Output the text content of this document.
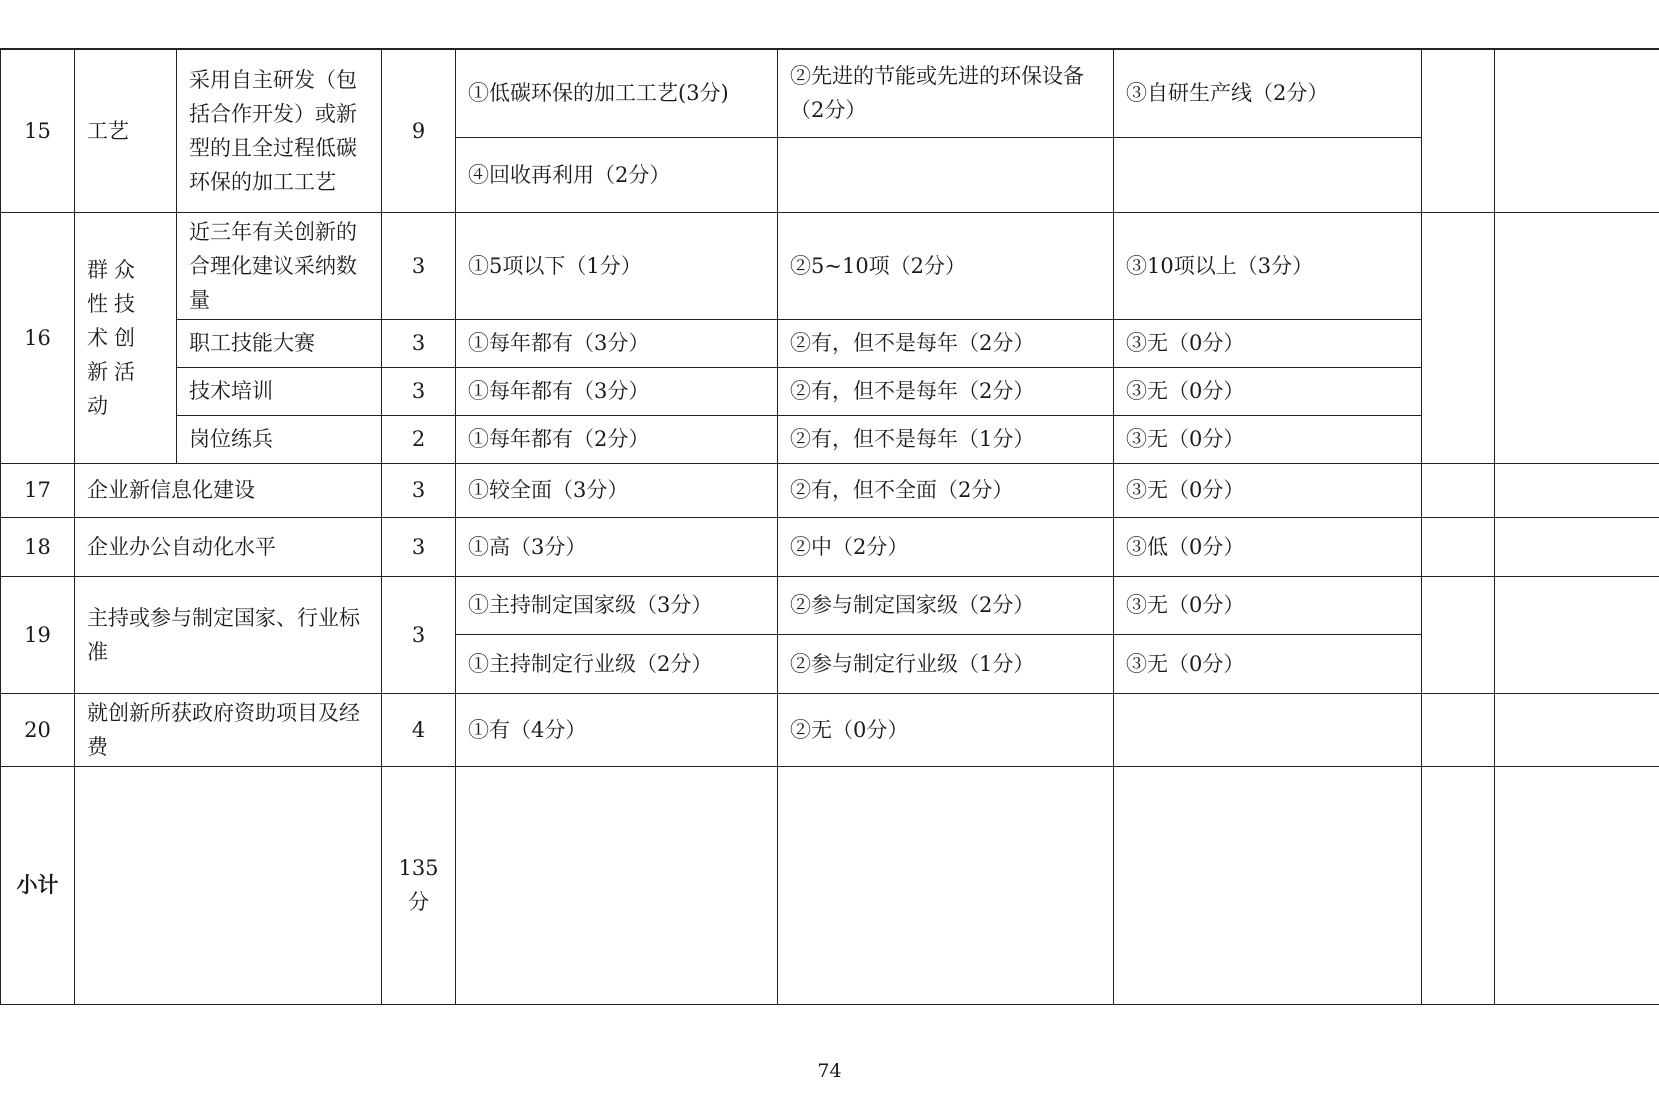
15	工艺	采用自主研发（包括合作开发）或新型的且全过程低碳环保的加工工艺	9	①低碳环保的加工工艺(3分)	②先进的节能或先进的环保设备（2分）	③自研生产线（2分）		
				④回收再利用（2分）				
16	群众性技术创新活动	近三年有关创新的合理化建议采纳数量	3	①5项以下（1分）	②5~10项（2分）	③10项以上（3分）		
		职工技能大赛	3	①每年都有（3分）	②有，但不是每年（2分）	③无（0分）		
		技术培训	3	①每年都有（3分）	②有，但不是每年（2分）	③无（0分）		
		岗位练兵	2	①每年都有（2分）	②有，但不是每年（1分）	③无（0分）		
17	企业新信息化建设		3	①较全面（3分）	②有，但不全面（2分）	③无（0分）		
18	企业办公自动化水平		3	①高（3分）	②中（2分）	③低（0分）		
19	主持或参与制定国家、行业标准		3	①主持制定国家级（3分）	②参与制定国家级（2分）	③无（0分）		
				①主持制定行业级（2分）	②参与制定行业级（1分）	③无（0分）		
20	就创新所获政府资助项目及经费		4	①有（4分）	②无（0分）			
小计			135 分					
74
